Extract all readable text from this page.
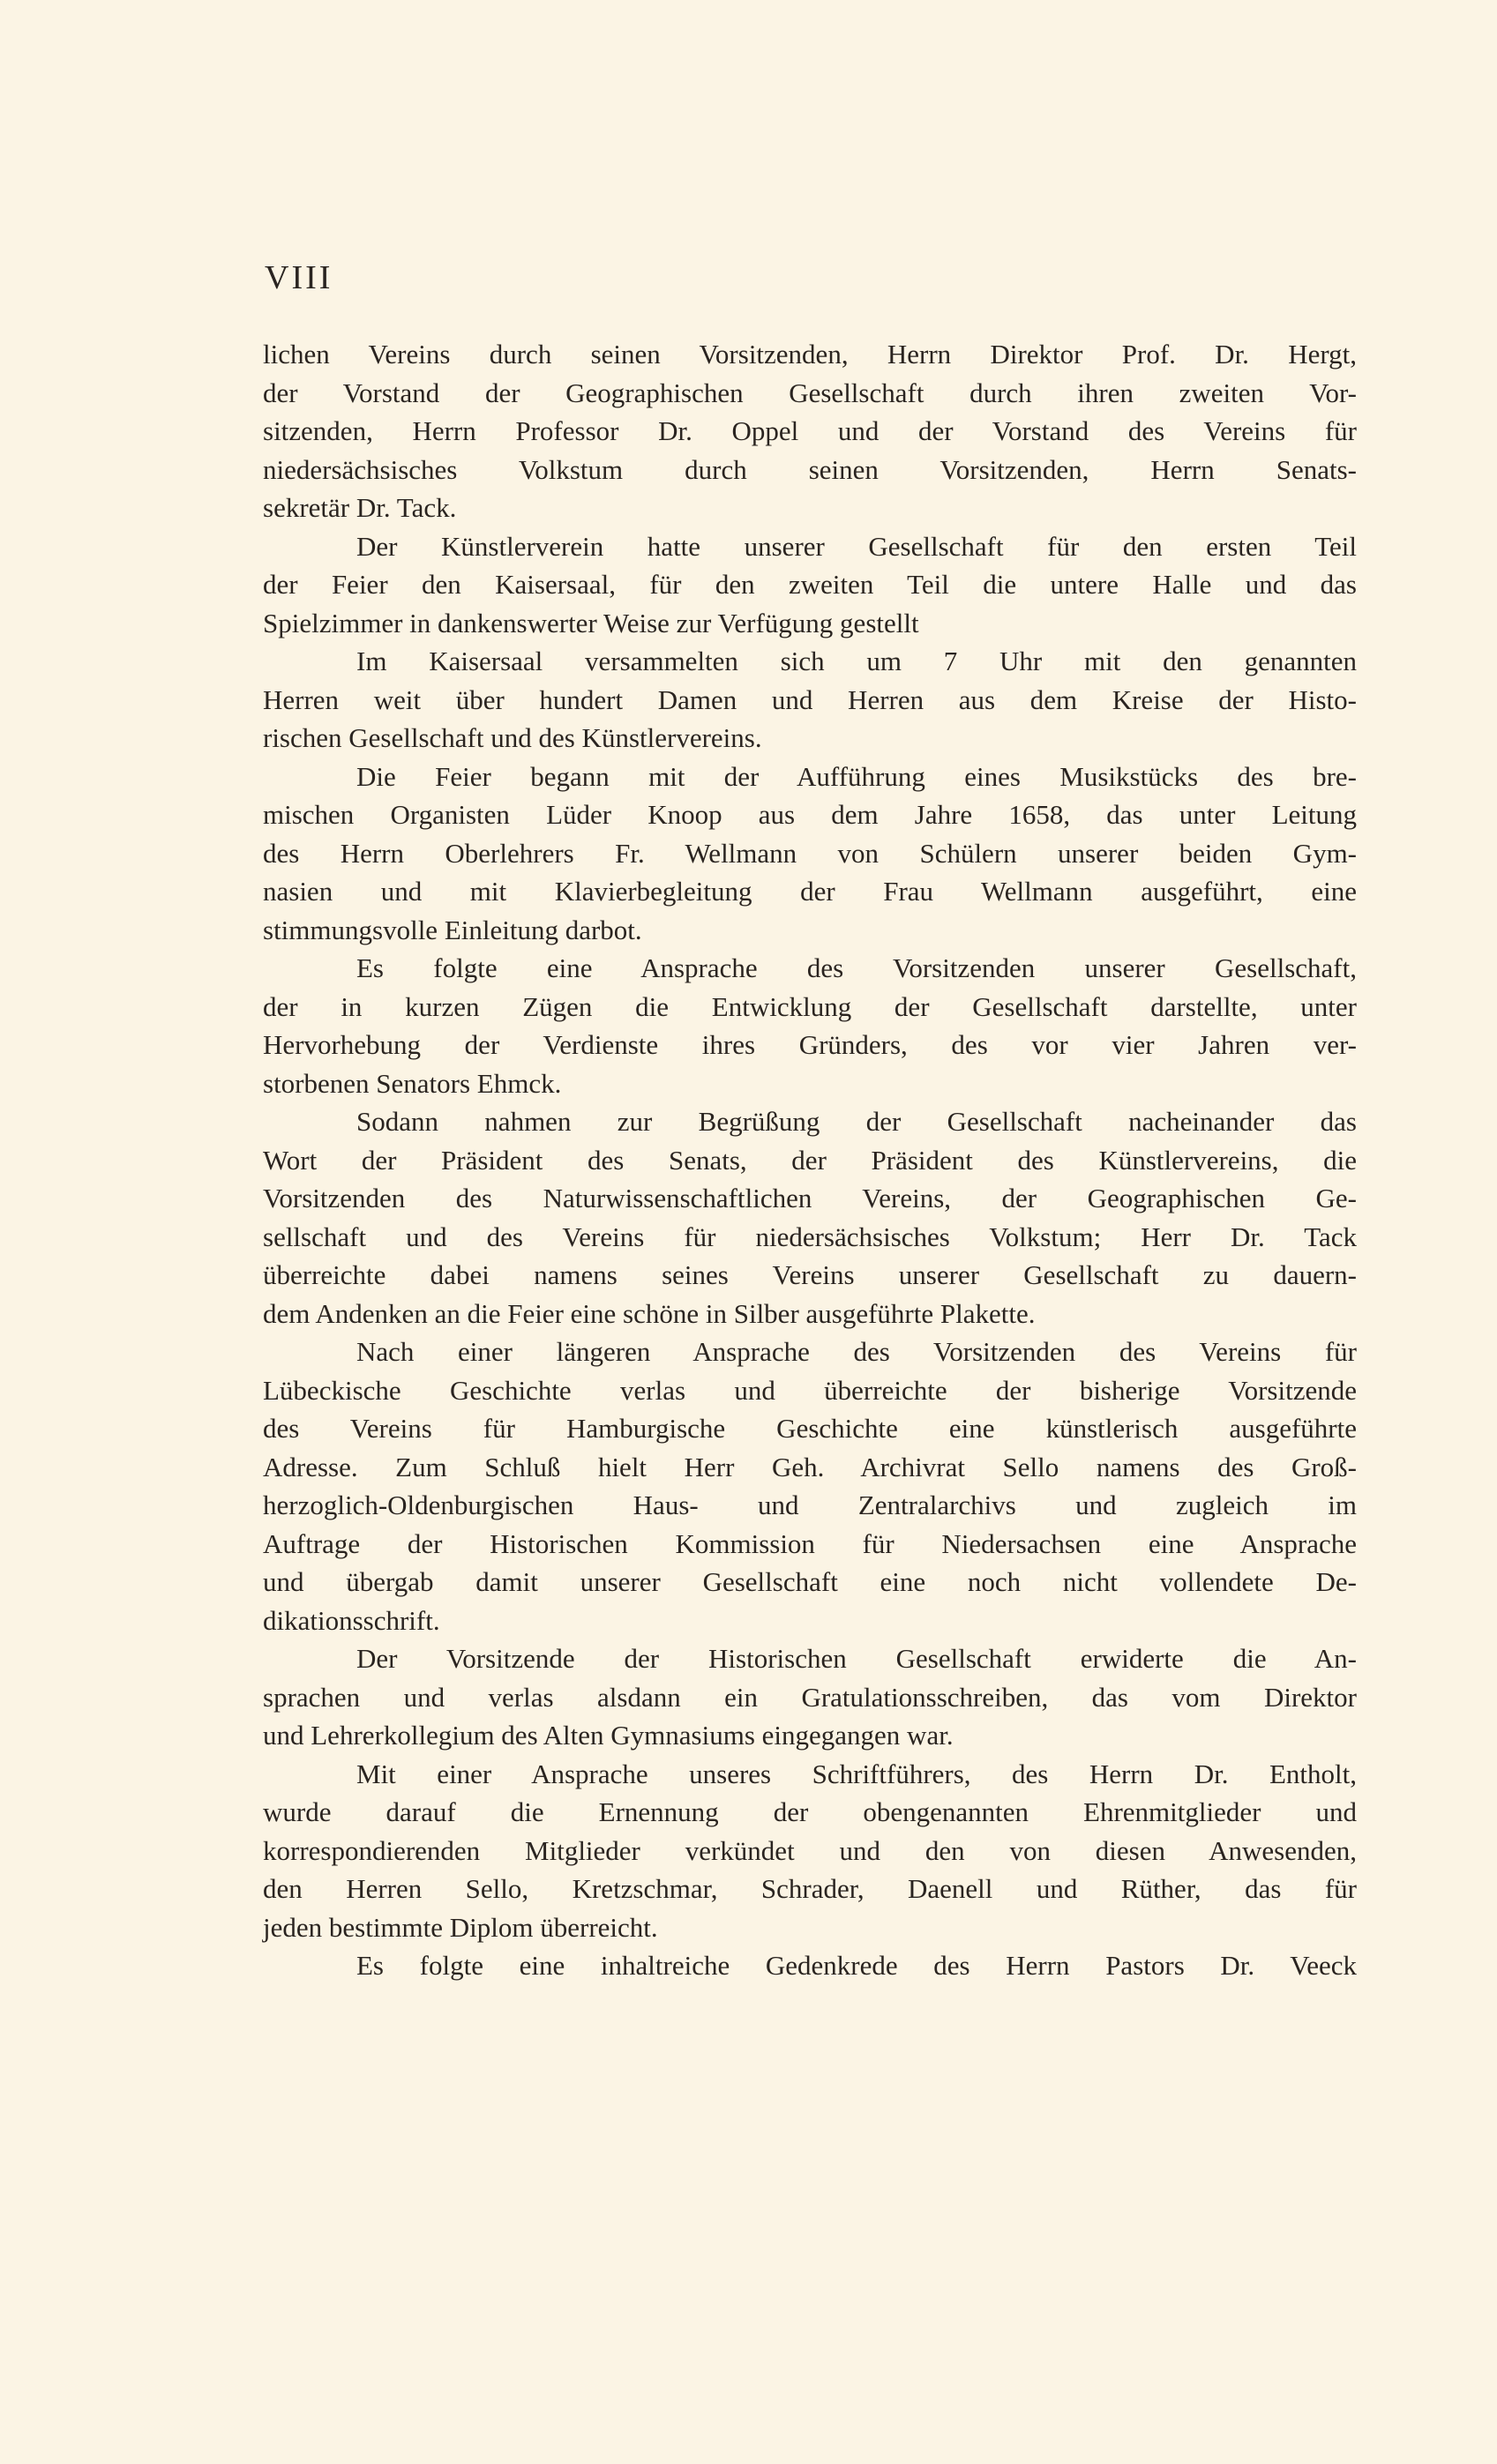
VIII
lichen Vereins durch seinen Vorsitzenden, Herrn Direktor Prof. Dr. Hergt,
der Vorstand der Geographischen Gesellschaft durch ihren zweiten Vor-
sitzenden, Herrn Professor Dr. Oppel und der Vorstand des Vereins für
niedersächsisches Volkstum durch seinen Vorsitzenden, Herrn Senats-
sekretär Dr. Tack.
Der Künstlerverein hatte unserer Gesellschaft für den ersten Teil
der Feier den Kaisersaal, für den zweiten Teil die untere Halle und das
Spielzimmer in dankenswerter Weise zur Verfügung gestellt
Im Kaisersaal versammelten sich um 7 Uhr mit den genannten
Herren weit über hundert Damen und Herren aus dem Kreise der Histo-
rischen Gesellschaft und des Künstlervereins.
Die Feier begann mit der Aufführung eines Musikstücks des bre-
mischen Organisten Lüder Knoop aus dem Jahre 1658, das unter Leitung
des Herrn Oberlehrers Fr. Wellmann von Schülern unserer beiden Gym-
nasien und mit Klavierbegleitung der Frau Wellmann ausgeführt, eine
stimmungsvolle Einleitung darbot.
Es folgte eine Ansprache des Vorsitzenden unserer Gesellschaft,
der in kurzen Zügen die Entwicklung der Gesellschaft darstellte, unter
Hervorhebung der Verdienste ihres Gründers, des vor vier Jahren ver-
storbenen Senators Ehmck.
Sodann nahmen zur Begrüßung der Gesellschaft nacheinander das
Wort der Präsident des Senats, der Präsident des Künstlervereins, die
Vorsitzenden des Naturwissenschaftlichen Vereins, der Geographischen Ge-
sellschaft und des Vereins für niedersächsisches Volkstum; Herr Dr. Tack
überreichte dabei namens seines Vereins unserer Gesellschaft zu dauern-
dem Andenken an die Feier eine schöne in Silber ausgeführte Plakette.
Nach einer längeren Ansprache des Vorsitzenden des Vereins für
Lübeckische Geschichte verlas und überreichte der bisherige Vorsitzende
des Vereins für Hamburgische Geschichte eine künstlerisch ausgeführte
Adresse. Zum Schluß hielt Herr Geh. Archivrat Sello namens des Groß-
herzoglich-Oldenburgischen Haus- und Zentralarchivs und zugleich im
Auftrage der Historischen Kommission für Niedersachsen eine Ansprache
und übergab damit unserer Gesellschaft eine noch nicht vollendete De-
dikationsschrift.
Der Vorsitzende der Historischen Gesellschaft erwiderte die An-
sprachen und verlas alsdann ein Gratulationsschreiben, das vom Direktor
und Lehrerkollegium des Alten Gymnasiums eingegangen war.
Mit einer Ansprache unseres Schriftführers, des Herrn Dr. Entholt,
wurde darauf die Ernennung der obengenannten Ehrenmitglieder und
korrespondierenden Mitglieder verkündet und den von diesen Anwesenden,
den Herren Sello, Kretzschmar, Schrader, Daenell und Rüther, das für
jeden bestimmte Diplom überreicht.
Es folgte eine inhaltreiche Gedenkrede des Herrn Pastors Dr. Veeck
